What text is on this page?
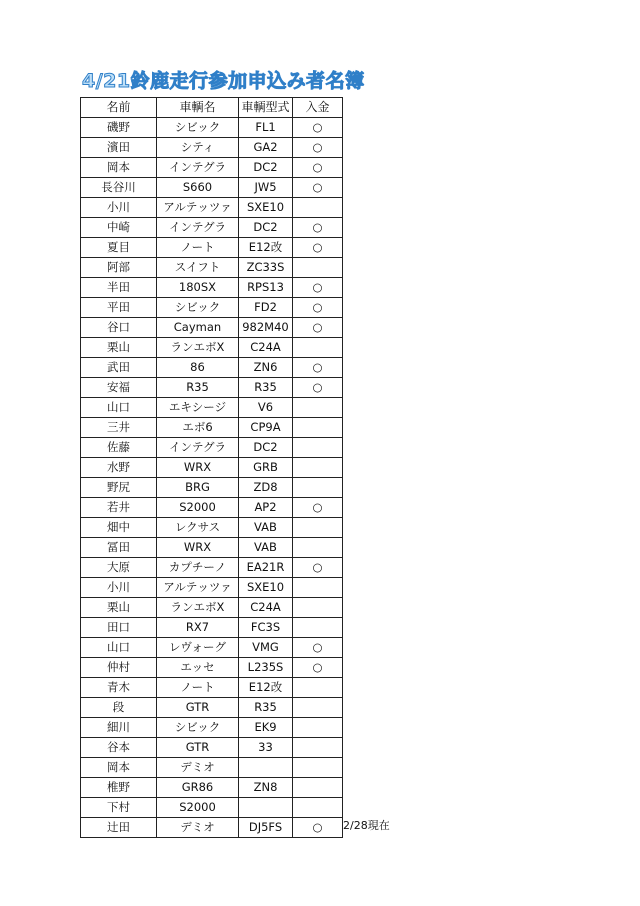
4/21鈴鹿走行参加申込み者名簿
名前	車輌名	車輌型式	入金
磯野	シビック	FL1	○
濱田	シティ	GA2	○
岡本	インテグラ	DC2	○
長谷川	S660	JW5	○
小川	アルテッツァ	SXE10	
中崎	インテグラ	DC2	○
夏目	ノート	E12改	○
阿部	スイフト	ZC33S	
半田	180SX	RPS13	○
平田	シビック	FD2	○
谷口	Cayman	982M40	○
栗山	ランエボX	C24A	
武田	86	ZN6	○
安福	R35	R35	○
山口	エキシージ	V6	
三井	エボ6	CP9A	
佐藤	インテグラ	DC2	
水野	WRX	GRB	
野尻	BRG	ZD8	
若井	S2000	AP2	○
畑中	レクサス	VAB	
冨田	WRX	VAB	
大原	カプチーノ	EA21R	○
小川	アルテッツァ	SXE10	
栗山	ランエボX	C24A	
田口	RX7	FC3S	
山口	レヴォーグ	VMG	○
仲村	エッセ	L235S	○
青木	ノート	E12改	
段	GTR	R35	
細川	シビック	EK9	
谷本	GTR	33	
岡本	デミオ		
椎野	GR86	ZN8	
下村	S2000		
辻田	デミオ	DJ5FS	○ 2/28現在
